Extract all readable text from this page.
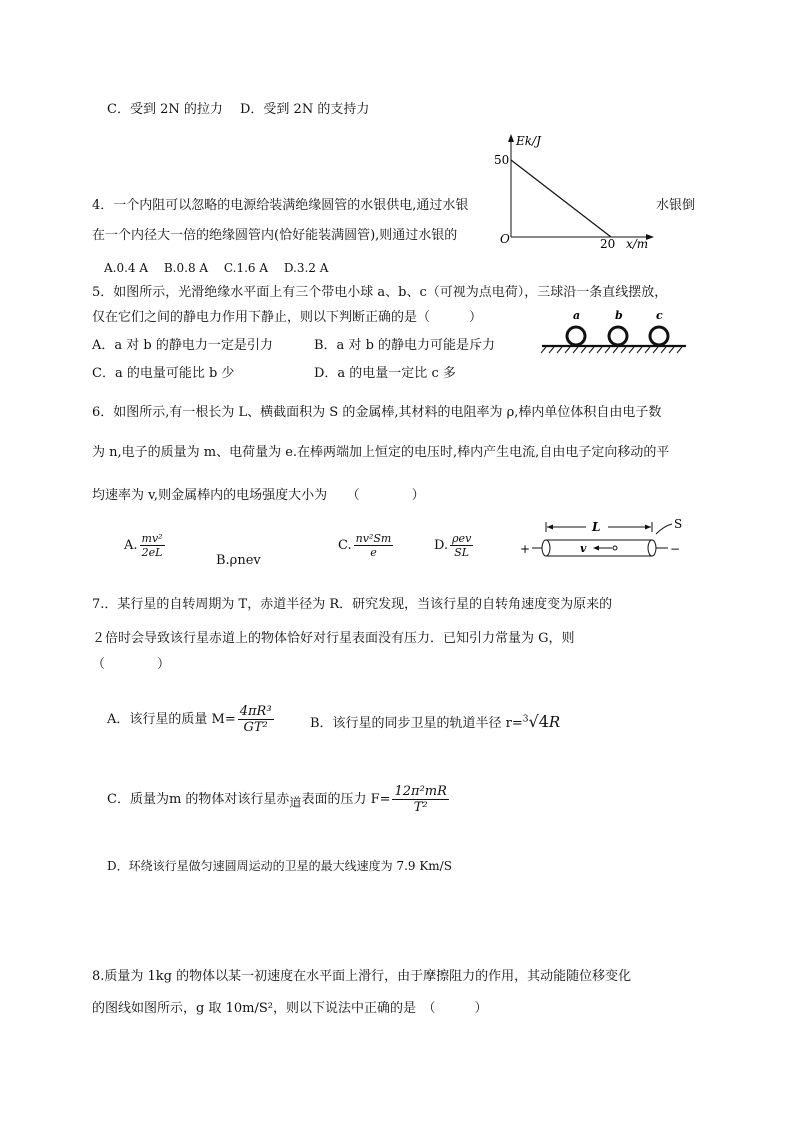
C．受到 2N 的拉力　 D．受到 2N 的支持力
Ek/J
50
O	20 x/m
4．一个内阻可以忽略的电源给装满绝缘圆管的水银供电,通过水银	水银倒
在一个内径大一倍的绝缘圆管内(恰好能装满圆管),则通过水银的
A.0.4 A　 B.0.8 A　 C.1.6 A　 D.3.2 A
5．如图所示，光滑绝缘水平面上有三个带电小球 a、b、c（可视为点电荷），三球沿一条直线摆放，
仅在它们之间的静电力作用下静止，则以下判断正确的是（　　　）
A．a 对 b 的静电力一定是引力	B．a 对 b 的静电力可能是斥力
C．a 的电量可能比 b 少	D．a 的电量一定比 c 多
a	b	c
6．如图所示,有一根长为 L、横截面积为 S 的金属棒,其材料的电阻率为 ρ,棒内单位体积自由电子数
为 n,电子的质量为 m、电荷量为 e.在棒两端加上恒定的电压时,棒内产生电流,自由电子定向移动的平
均速率为 v,则金属棒内的电场强度大小为　　（　　　　）
A. $\frac{\text{mv²}}{2eL}$
B.ρnev
C. $\frac{\text{nv²Sm}}{e}$	D. $\frac{\text{ρev}}{SL}$
L	S
v
+	−
7.．某行星的自转周期为 T，赤道半径为 R．研究发现，当该行星的自转角速度变为原来的
２倍时会导致该行星赤道上的物体恰好对行星表面没有压力．已知引力常量为 G，则
（　　　　）
A．该行星的质量 $M= \frac{\text{4πR³}}{\text{GT²}}$	B．该行星的同步卫星的轨道半径 r=$^3$√4R
C．质量为m 的物体对该行星赤$_道$表面的压力 $F= \frac{\text{12π²mR}}{\text{T²}}$
D．环绕该行星做匀速圆周运动的卫星的最大线速度为 7.9 Km/S
8.质量为 1kg 的物体以某一初速度在水平面上滑行，由于摩擦阻力的作用，其动能随位移变化
的图线如图所示，g 取 10m/S²，则以下说法中正确的是　（　　　）
